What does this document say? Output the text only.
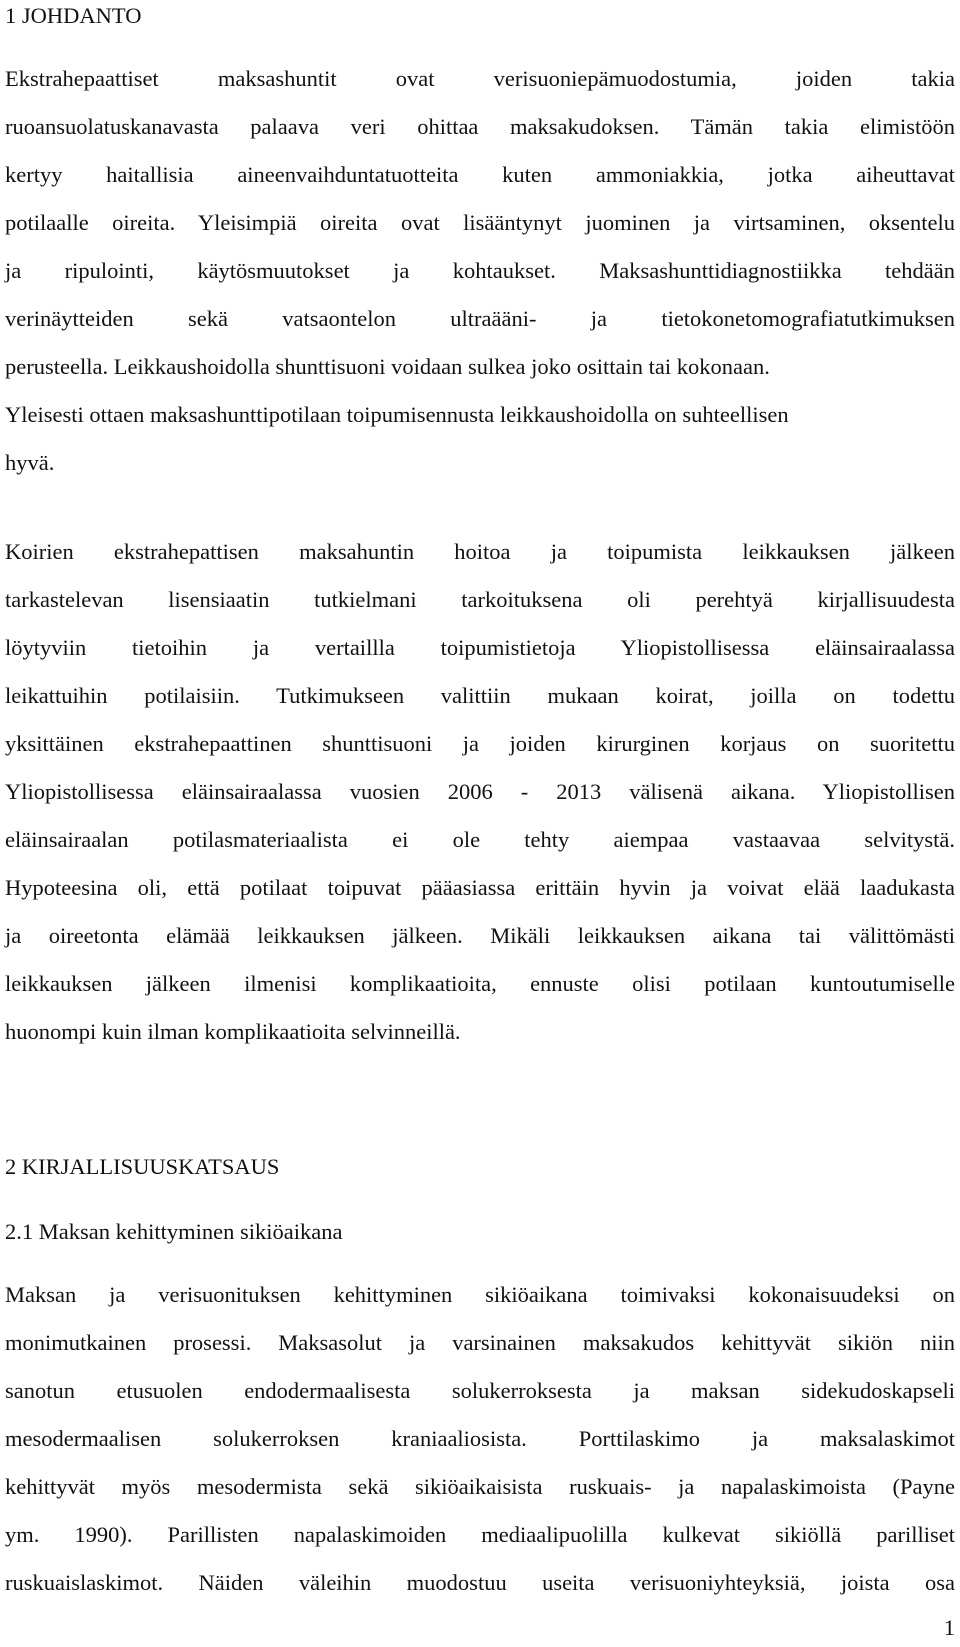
1 JOHDANTO
Ekstrahepaattiset maksashuntit ovat verisuoniepämuodostumia, joiden takia
ruoansuolatuskanavasta palaava veri ohittaa maksakudoksen. Tämän takia elimistöön
kertyy haitallisia aineenvaihduntatuotteita kuten ammoniakkia, jotka aiheuttavat
potilaalle oireita. Yleisimpiä oireita ovat lisääntynyt juominen ja virtsaminen, oksentelu
ja ripulointi, käytösmuutokset ja kohtaukset. Maksashunttidiagnostiikka tehdään
verinäytteiden sekä vatsaontelon ultraääni- ja tietokonetomografiatutkimuksen
perusteella. Leikkaushoidolla shunttisuoni voidaan sulkea joko osittain tai kokonaan.
Yleisesti ottaen maksashunttipotilaan toipumisennusta leikkaushoidolla on suhteellisen
hyvä.
Koirien ekstrahepattisen maksahuntin hoitoa ja toipumista leikkauksen jälkeen
tarkastelevan lisensiaatin tutkielmani tarkoituksena oli perehtyä kirjallisuudesta
löytyviin tietoihin ja vertaillla toipumistietoja Yliopistollisessa eläinsairaalassa
leikattuihin potilaisiin. Tutkimukseen valittiin mukaan koirat, joilla on todettu
yksittäinen ekstrahepaattinen shunttisuoni ja joiden kirurginen korjaus on suoritettu
Yliopistollisessa eläinsairaalassa vuosien 2006 - 2013 välisenä aikana. Yliopistollisen
eläinsairaalan potilasmateriaalista ei ole tehty aiempaa vastaavaa selvitystä.
Hypoteesina oli, että potilaat toipuvat pääasiassa erittäin hyvin ja voivat elää laadukasta
ja oireetonta elämää leikkauksen jälkeen. Mikäli leikkauksen aikana tai välittömästi
leikkauksen jälkeen ilmenisi komplikaatioita, ennuste olisi potilaan kuntoutumiselle
huonompi kuin ilman komplikaatioita selvinneillä.
2 KIRJALLISUUSKATSAUS
2.1 Maksan kehittyminen sikiöaikana
Maksan ja verisuonituksen kehittyminen sikiöaikana toimivaksi kokonaisuudeksi on
monimutkainen prosessi. Maksasolut ja varsinainen maksakudos kehittyvät sikiön niin
sanotun etusuolen endodermaalisesta solukerroksesta ja maksan sidekudoskapseli
mesodermaalisen solukerroksen kraniaaliosista. Porttilaskimo ja maksalaskimot
kehittyvät myös mesodermista sekä sikiöaikaisista ruskuais- ja napalaskimoista (Payne
ym. 1990). Parillisten napalaskimoiden mediaalipuolilla kulkevat sikiöllä parilliset
ruskuaislaskimot. Näiden väleihin muodostuu useita verisuoniyhteyksiä, joista osa
1
